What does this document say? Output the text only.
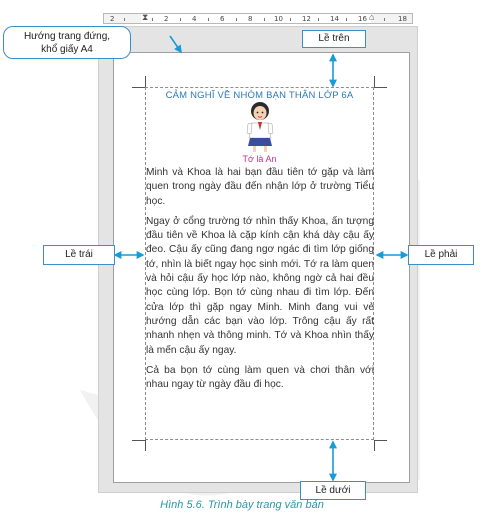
2	2	4	6	8	10	12	14	16	18
⧗	⌂
CẢM NGHĨ VỀ NHÓM BẠN THÂN LỚP 6A
Tớ là An

Minh và Khoa là hai bạn đầu tiên tớ gặp và làm quen trong ngày đầu đến nhận lớp ở trường Tiểu học.

Ngay ở cổng trường tớ nhìn thấy Khoa, ấn tượng đầu tiên về Khoa là cặp kính cận khá dày cậu ấy đeo. Cậu ấy cũng đang ngơ ngác đi tìm lớp giống tớ, nhìn là biết ngay học sinh mới. Tớ ra làm quen và hỏi cậu ấy học lớp nào, không ngờ cả hai đều học cùng lớp. Bọn tớ cùng nhau đi tìm lớp. Đến cửa lớp thì gặp ngay Minh. Minh đang vui vẻ hướng dẫn các bạn vào lớp. Trông cậu ấy rất nhanh nhẹn và thông minh. Tớ và Khoa nhìn thấy là mến cậu ấy ngay.

Cả ba bọn tớ cùng làm quen và chơi thân với nhau ngay từ ngày đầu đi học.

Hướng trang đứng,
khổ giấy A4
Lề trên
Lề trái	Lề phải
Lề dưới
Hình 5.6. Trình bày trang văn bản
